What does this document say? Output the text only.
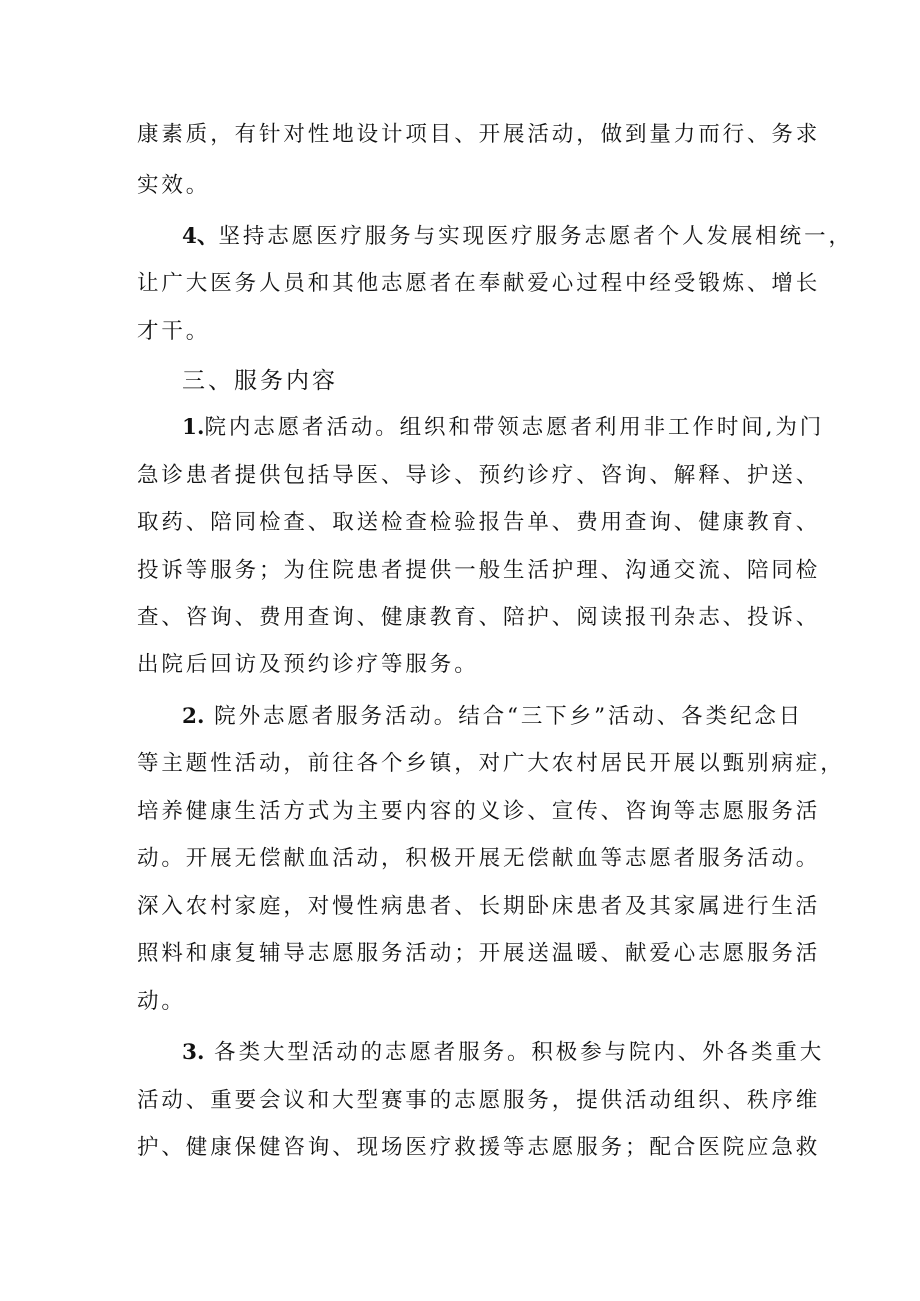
康素质，有针对性地设计项目、开展活动，做到量力而行、务求
实效。
4、坚持志愿医疗服务与实现医疗服务志愿者个人发展相统一，
让广大医务人员和其他志愿者在奉献爱心过程中经受锻炼、增长
才干。
三、服务内容
1.院内志愿者活动。组织和带领志愿者利用非工作时间,为门
急诊患者提供包括导医、导诊、预约诊疗、咨询、解释、护送、
取药、陪同检查、取送检查检验报告单、费用查询、健康教育、
投诉等服务；为住院患者提供一般生活护理、沟通交流、陪同检
查、咨询、费用查询、健康教育、陪护、阅读报刊杂志、投诉、
出院后回访及预约诊疗等服务。
2. 院外志愿者服务活动。结合“三下乡”活动、各类纪念日
等主题性活动，前往各个乡镇，对广大农村居民开展以甄别病症，
培养健康生活方式为主要内容的义诊、宣传、咨询等志愿服务活
动。开展无偿献血活动，积极开展无偿献血等志愿者服务活动。
深入农村家庭，对慢性病患者、长期卧床患者及其家属进行生活
照料和康复辅导志愿服务活动；开展送温暖、献爱心志愿服务活
动。
3. 各类大型活动的志愿者服务。积极参与院内、外各类重大
活动、重要会议和大型赛事的志愿服务，提供活动组织、秩序维
护、健康保健咨询、现场医疗救援等志愿服务；配合医院应急救
